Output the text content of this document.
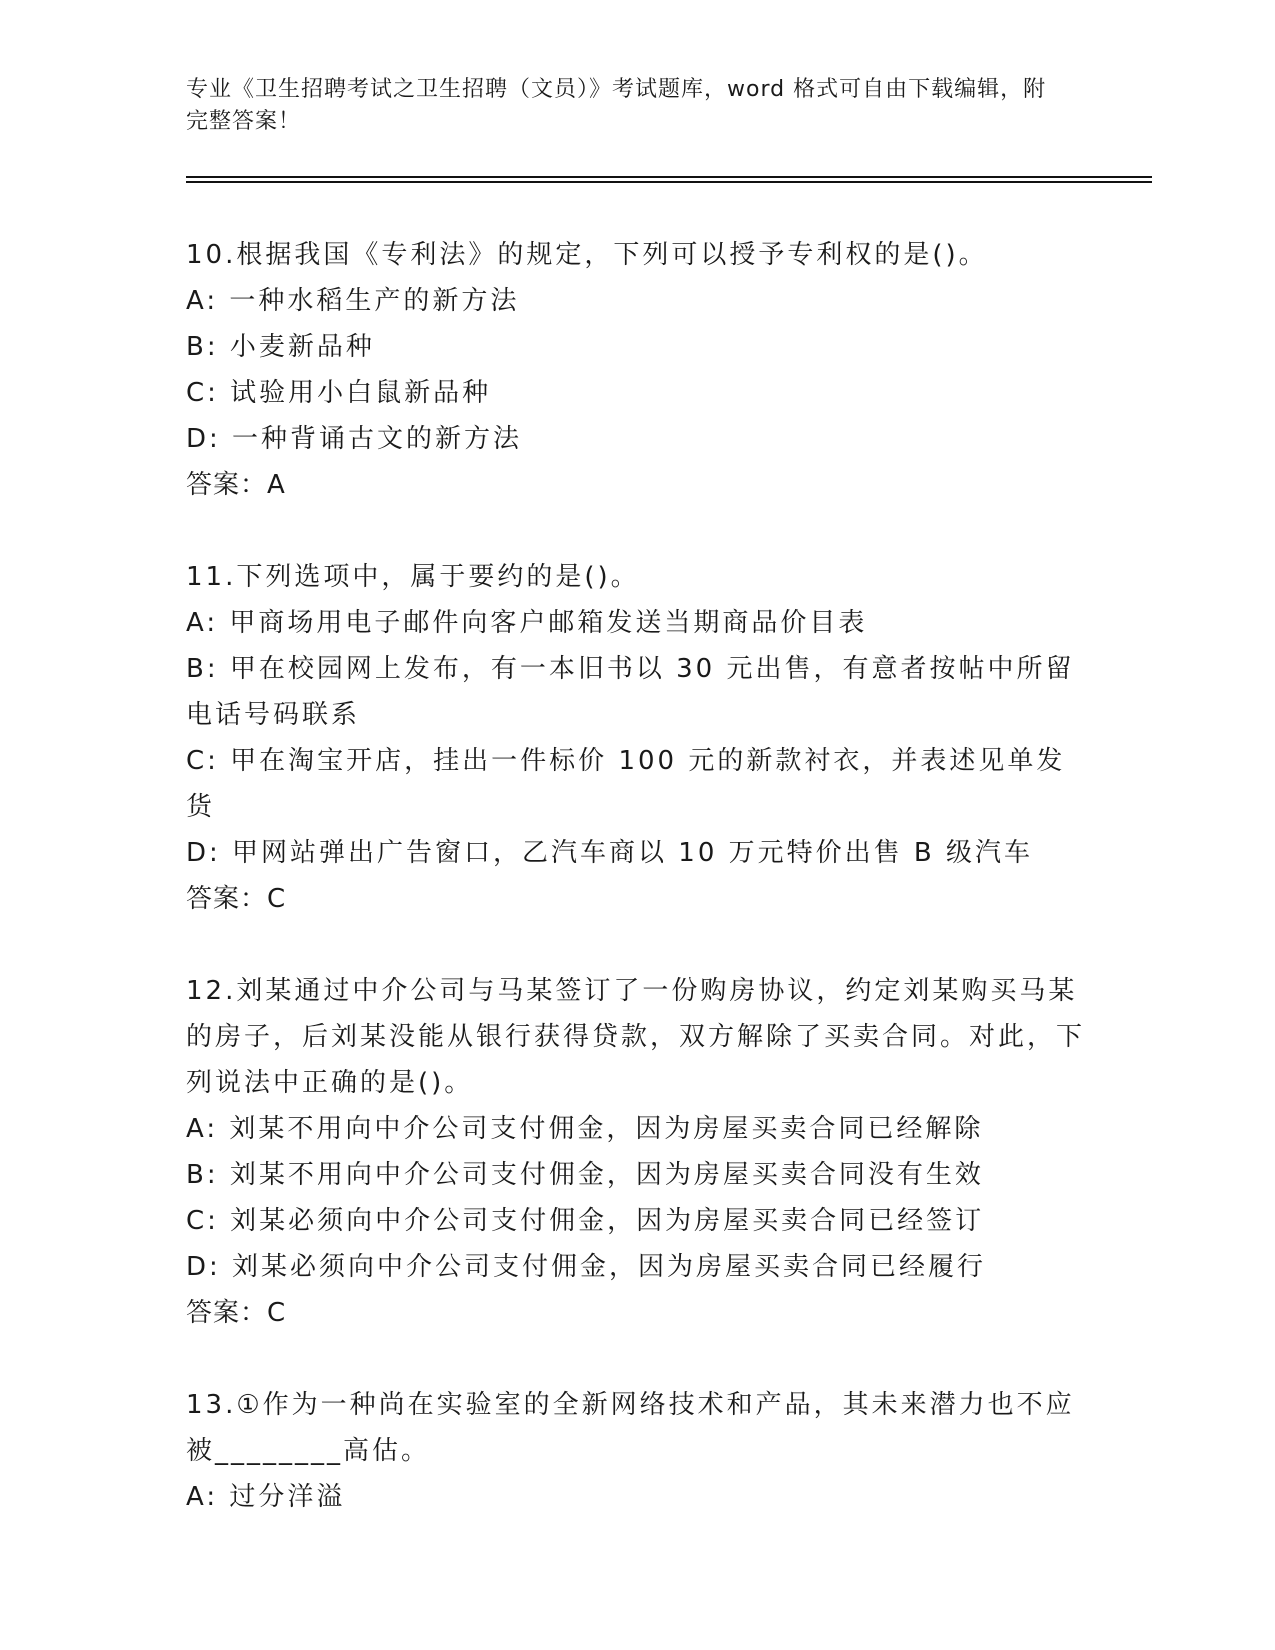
专业《卫生招聘考试之卫生招聘（文员）》考试题库，word 格式可自由下载编辑，附完整答案！
10.根据我国《专利法》的规定，下列可以授予专利权的是()。
A: 一种水稻生产的新方法
B: 小麦新品种
C: 试验用小白鼠新品种
D: 一种背诵古文的新方法
答案：A
11.下列选项中，属于要约的是()。
A: 甲商场用电子邮件向客户邮箱发送当期商品价目表
B: 甲在校园网上发布，有一本旧书以 30 元出售，有意者按帖中所留电话号码联系
C: 甲在淘宝开店，挂出一件标价 100 元的新款衬衣，并表述见单发货
D: 甲网站弹出广告窗口，乙汽车商以 10 万元特价出售 B 级汽车
答案：C
12.刘某通过中介公司与马某签订了一份购房协议，约定刘某购买马某的房子，后刘某没能从银行获得贷款，双方解除了买卖合同。对此，下列说法中正确的是()。
A: 刘某不用向中介公司支付佣金，因为房屋买卖合同已经解除
B: 刘某不用向中介公司支付佣金，因为房屋买卖合同没有生效
C: 刘某必须向中介公司支付佣金，因为房屋买卖合同已经签订
D: 刘某必须向中介公司支付佣金，因为房屋买卖合同已经履行
答案：C
13.①作为一种尚在实验室的全新网络技术和产品，其未来潜力也不应被________高估。
A: 过分洋溢
